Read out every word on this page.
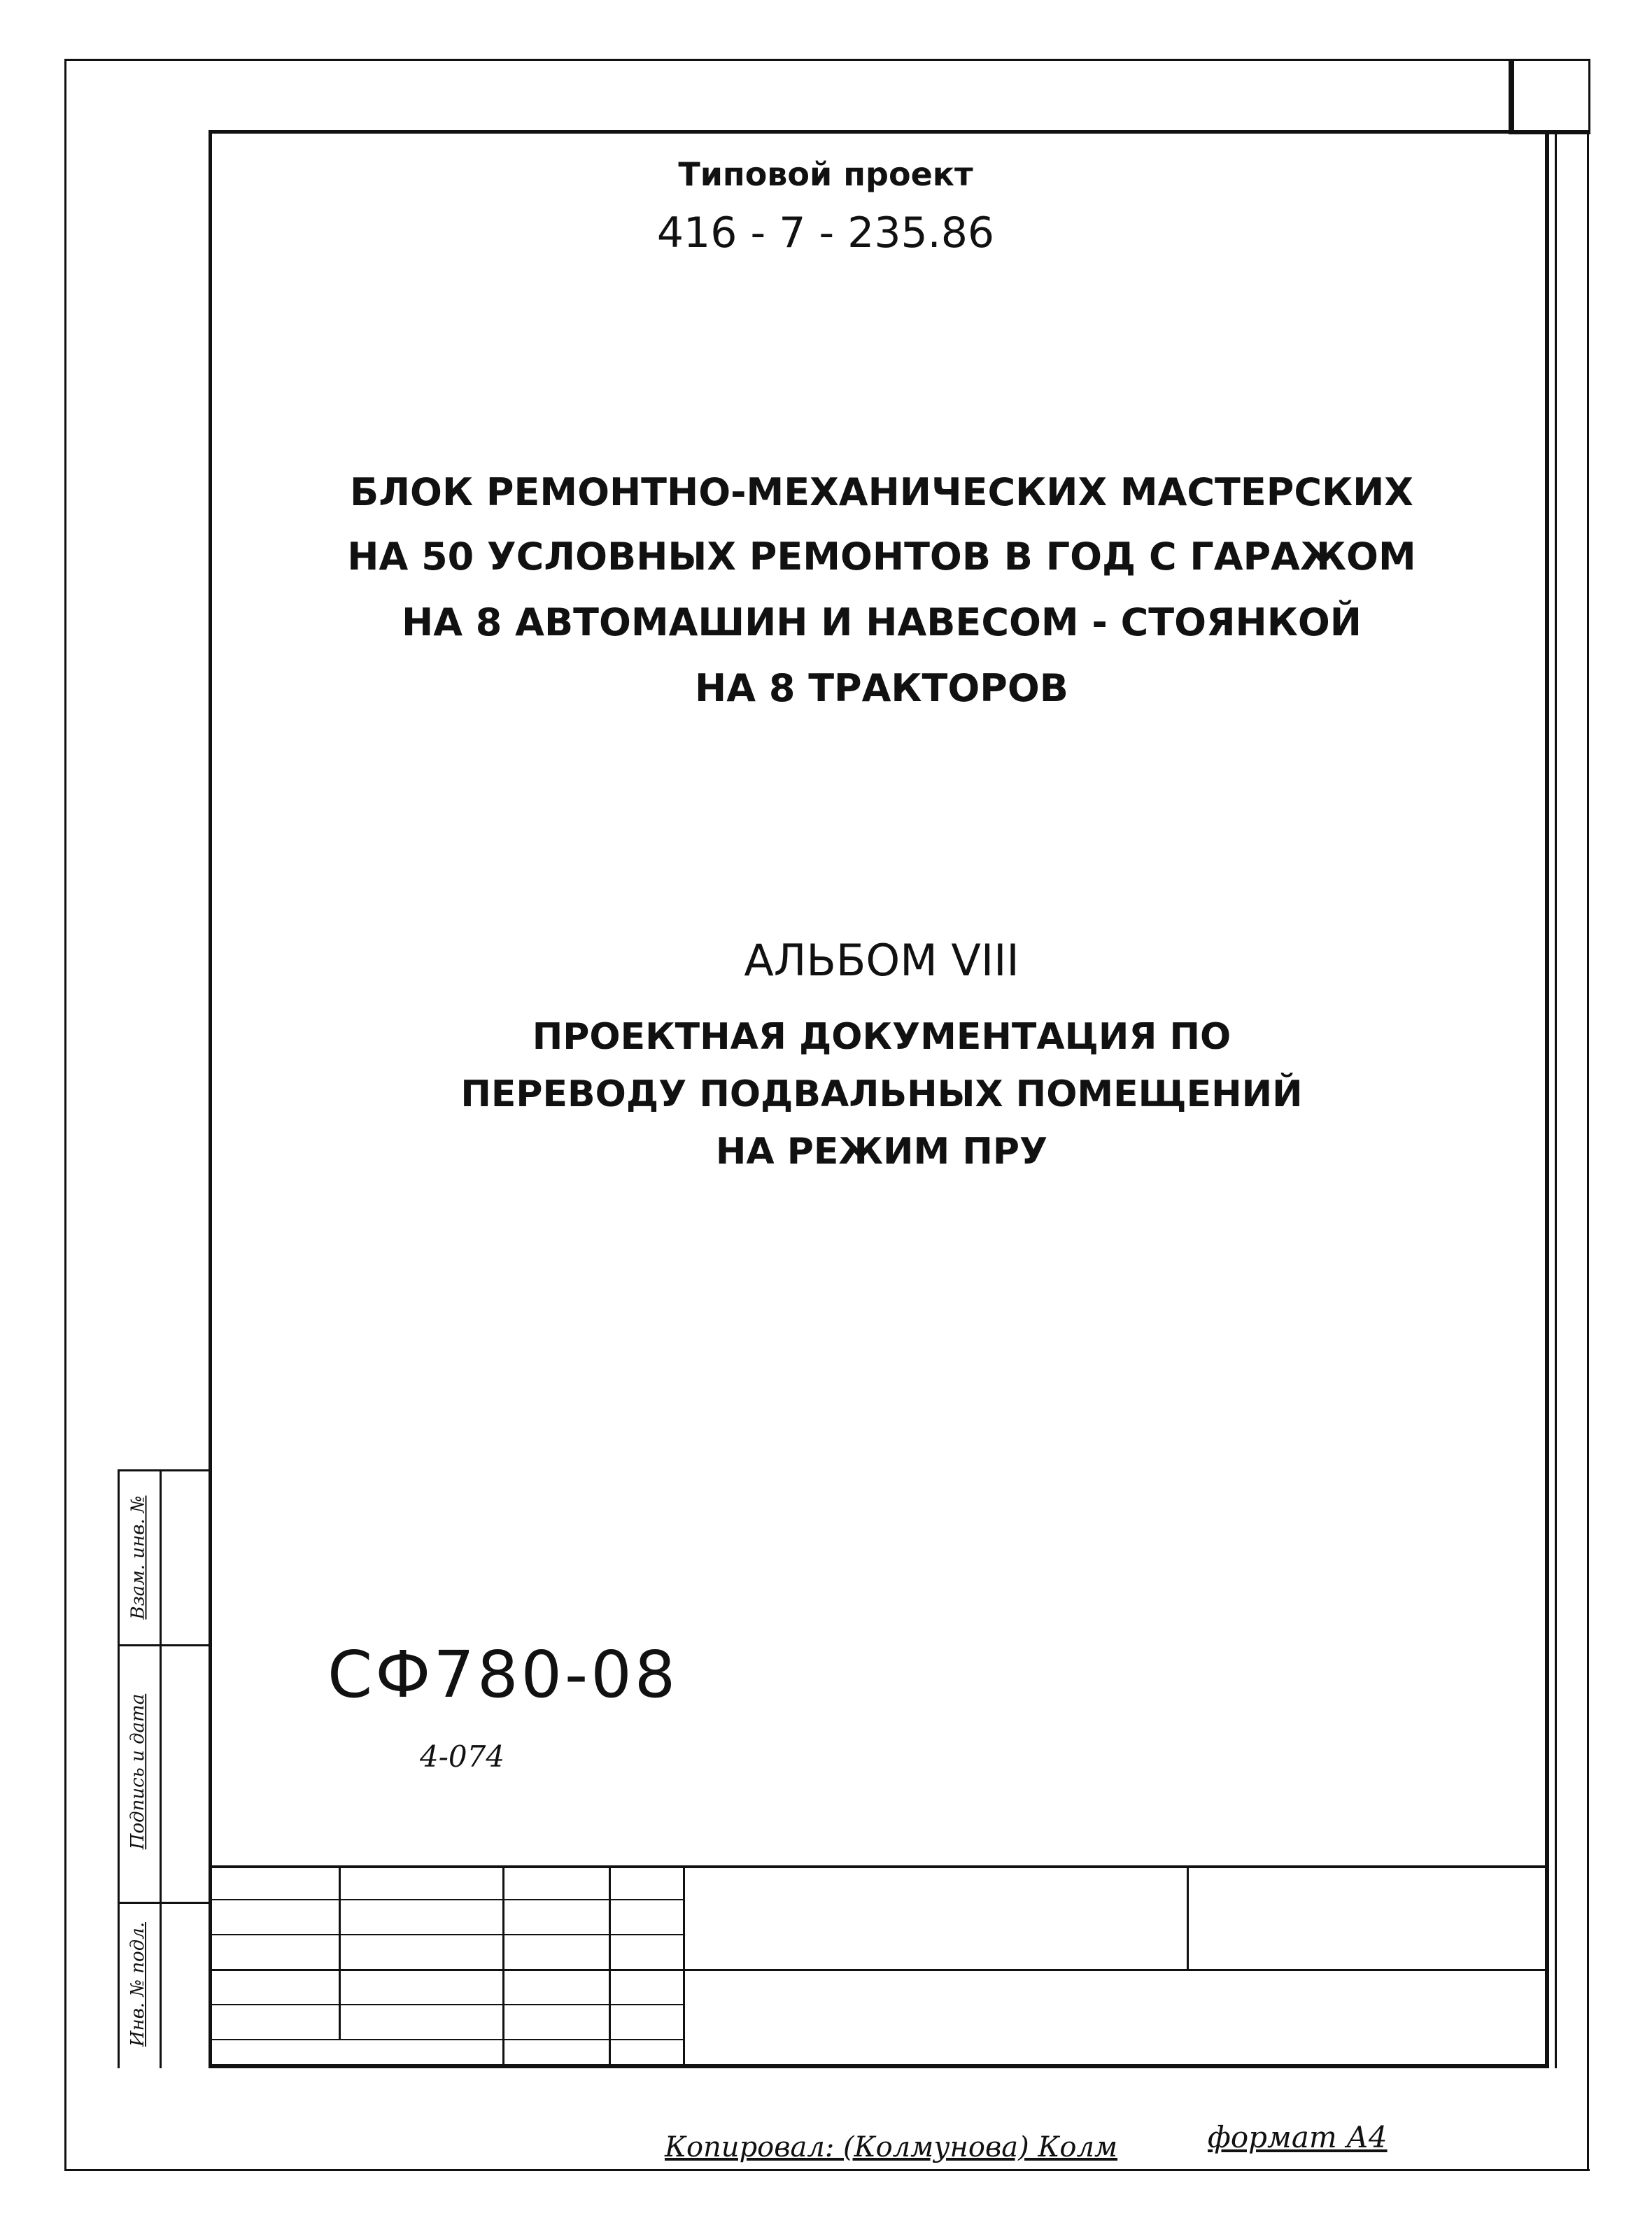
Типовой проект
416 - 7 - 235.86
БЛОК РЕМОНТНО-МЕХАНИЧЕСКИХ МАСТЕРСКИХ
НА 50 УСЛОВНЫХ РЕМОНТОВ В ГОД С ГАРАЖОМ
НА 8 АВТОМАШИН И НАВЕСОМ - СТОЯНКОЙ
НА 8 ТРАКТОРОВ
АЛЬБОМ VIII
ПРОЕКТНАЯ ДОКУМЕНТАЦИЯ ПО
ПЕРЕВОДУ ПОДВАЛЬНЫХ ПОМЕЩЕНИЙ
НА РЕЖИМ ПРУ
СФ780-08
4-074
Взам. инв. №
Подпись и дата
Инв. № подл.
Копировал: (Колмунова) Колм	формат А4
